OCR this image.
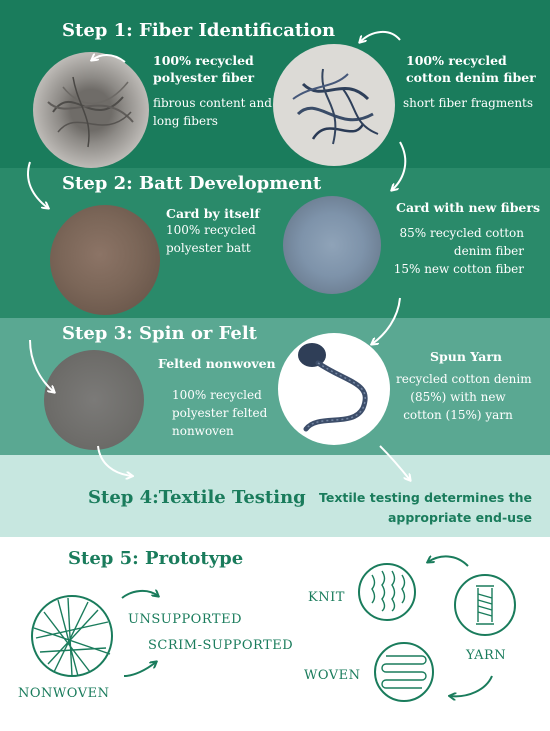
Step 1: Fiber Identification

100% recycled
polyester fiber

fibrous content and
long fibers

100% recycled
cotton denim fiber

short fiber fragments

Step 2: Batt Development

Card by itself

100% recycled
polyester batt

Card with new fibers

85% recycled cotton
denim fiber
15% new cotton fiber

Step 3: Spin or Felt

Felted nonwoven

100% recycled
polyester felted
nonwoven

Spun Yarn

recycled cotton denim
(85%) with new
cotton (15%) yarn

Step 4:Textile Testing Textile testing determines the
appropriate end-use

Step 5: Prototype

NONWOVEN

UNSUPPORTED

SCRIM-SUPPORTED

KNIT

WOVEN

YARN
